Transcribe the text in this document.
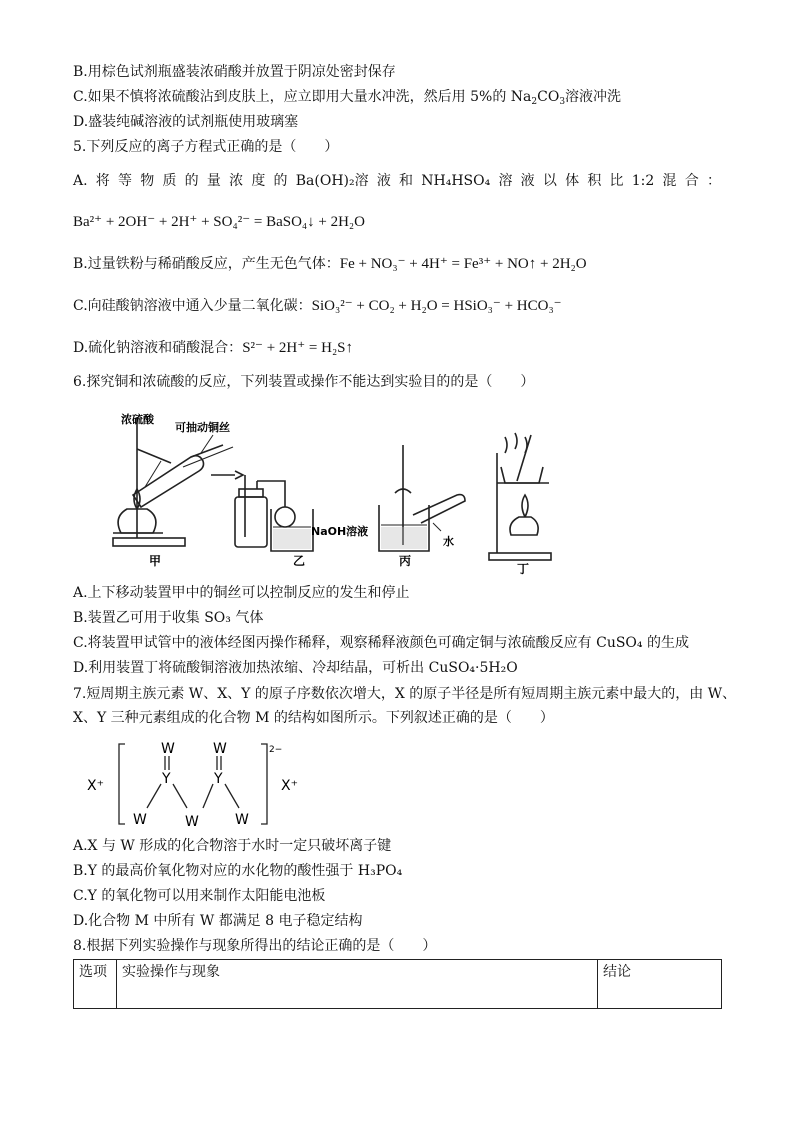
B.用棕色试剂瓶盛装浓硝酸并放置于阴凉处密封保存
C.如果不慎将浓硫酸沾到皮肤上，应立即用大量水冲洗，然后用 5%的 $Na_2CO_3$溶液冲洗
D.盛装纯碱溶液的试剂瓶使用玻璃塞
5.下列反应的离子方程式正确的是（　　）
A. 将 等 物 质 的 量 浓 度 的 Ba(OH)₂溶 液 和 NH₄HSO₄ 溶 液 以 体 积 比 1:2 混 合 ：
Ba²⁺ + 2OH⁻ + 2H⁺ + SO₄²⁻ = BaSO₄↓ + 2H₂O
B.过量铁粉与稀硝酸反应，产生无色气体：Fe + NO₃⁻ + 4H⁺ = Fe³⁺ + NO↑ + 2H₂O
C.向硅酸钠溶液中通入少量二氧化碳：SiO₃²⁻ + CO₂ + H₂O = HSiO₃⁻ + HCO₃⁻
D.硫化钠溶液和硝酸混合：S²⁻ + 2H⁺ = H₂S↑
6.探究铜和浓硫酸的反应，下列装置或操作不能达到实验目的的是（　　）
浓硫酸
可抽动铜丝
NaOH溶液
水
甲	乙	丙
丁
A.上下移动装置甲中的铜丝可以控制反应的发生和停止
B.装置乙可用于收集 SO₃ 气体
C.将装置甲试管中的液体经图丙操作稀释，观察稀释液颜色可确定铜与浓硫酸反应有 CuSO₄ 的生成
D.利用装置丁将硫酸铜溶液加热浓缩、冷却结晶，可析出 CuSO₄·5H₂O
7.短周期主族元素 W、X、Y 的原子序数依次增大，X 的原子半径是所有短周期主族元素中最大的，由 W、
X、Y 三种元素组成的化合物 M 的结构如图所示。下列叙述正确的是（　　）
X⁺	X⁺
2−
W	W
Y	Y
W	W	W
A.X 与 W 形成的化合物溶于水时一定只破坏离子键
B.Y 的最高价氧化物对应的水化物的酸性强于 H₃PO₄
C.Y 的氧化物可以用来制作太阳能电池板
D.化合物 M 中所有 W 都满足 8 电子稳定结构
8.根据下列实验操作与现象所得出的结论正确的是（　　）
选项	实验操作与现象	结论
